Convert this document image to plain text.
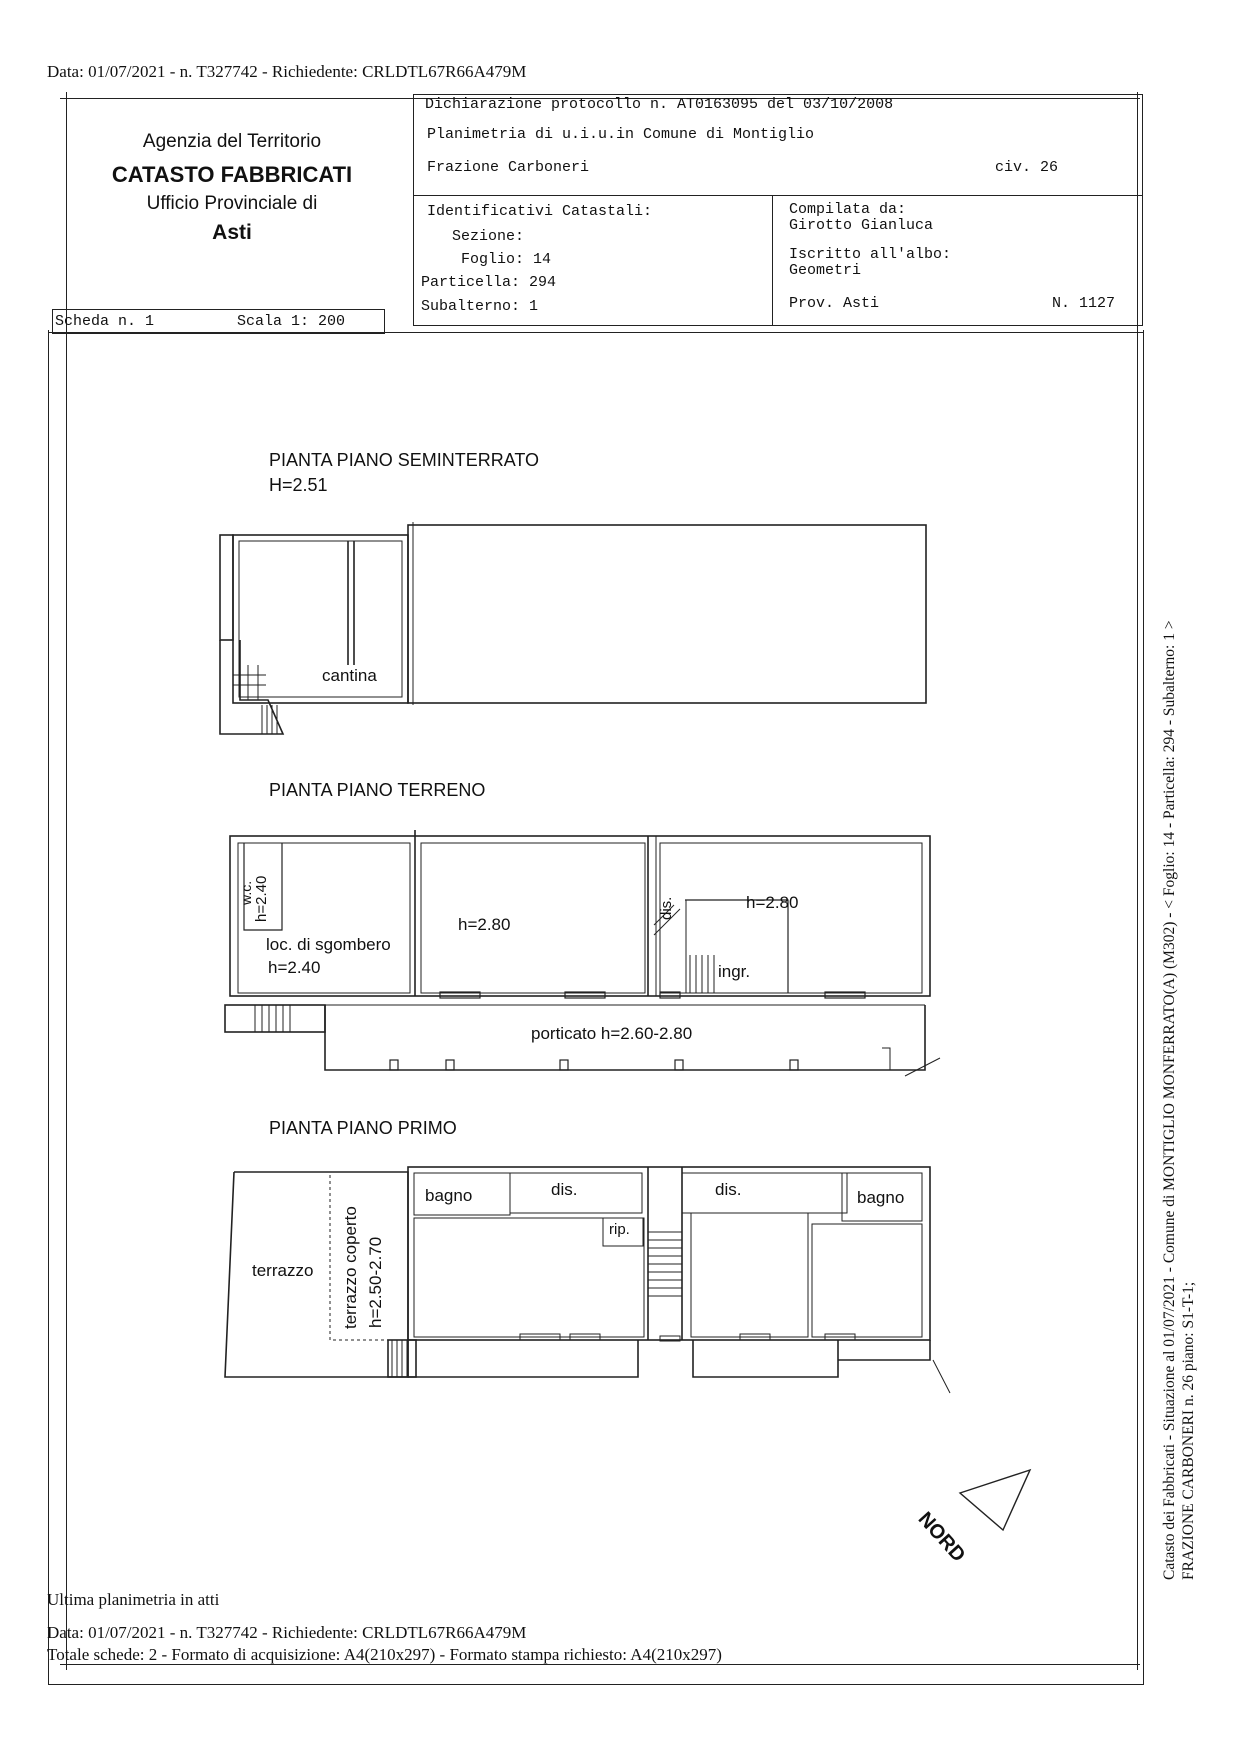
Data: 01/07/2021 - n. T327742 - Richiedente: CRLDTL67R66A479M
Agenzia del Territorio
CATASTO FABBRICATI
Ufficio Provinciale di
Asti
Dichiarazione protocollo n. AT0163095 del 03/10/2008
Planimetria di u.i.u.in Comune di Montiglio
Frazione Carboneri	civ. 26
Identificativi Catastali:
Sezione:
Foglio: 14
Particella: 294
Subalterno: 1
Compilata da:
Girotto Gianluca
Iscritto all'albo:
Geometri
Prov. Asti	N. 1127
Scheda n. 1	Scala 1: 200
PIANTA PIANO SEMINTERRATO
H=2.51
cantina
PIANTA PIANO TERRENO
w.c. h=2.40
loc. di sgombero
h=2.40
h=2.80
dis.	h=2.80
ingr.
porticato h=2.60-2.80
PIANTA PIANO PRIMO
bagno	dis.	dis.	bagno
rip.
terrazzo terrazzo coperto h=2.50-2.70
NORD	Catasto dei Fabbricati - Situazione al 01/07/2021 - Comune di MONTIGLIO MONFERRATO(A) (M302) - < Foglio: 14 - Particella: 294 - Subalterno: 1 > FRAZIONE CARBONERI n. 26 piano: S1-T-1;
Ultima planimetria in atti
Data: 01/07/2021 - n. T327742 - Richiedente: CRLDTL67R66A479M
Totale schede: 2 - Formato di acquisizione: A4(210x297) - Formato stampa richiesto: A4(210x297)
